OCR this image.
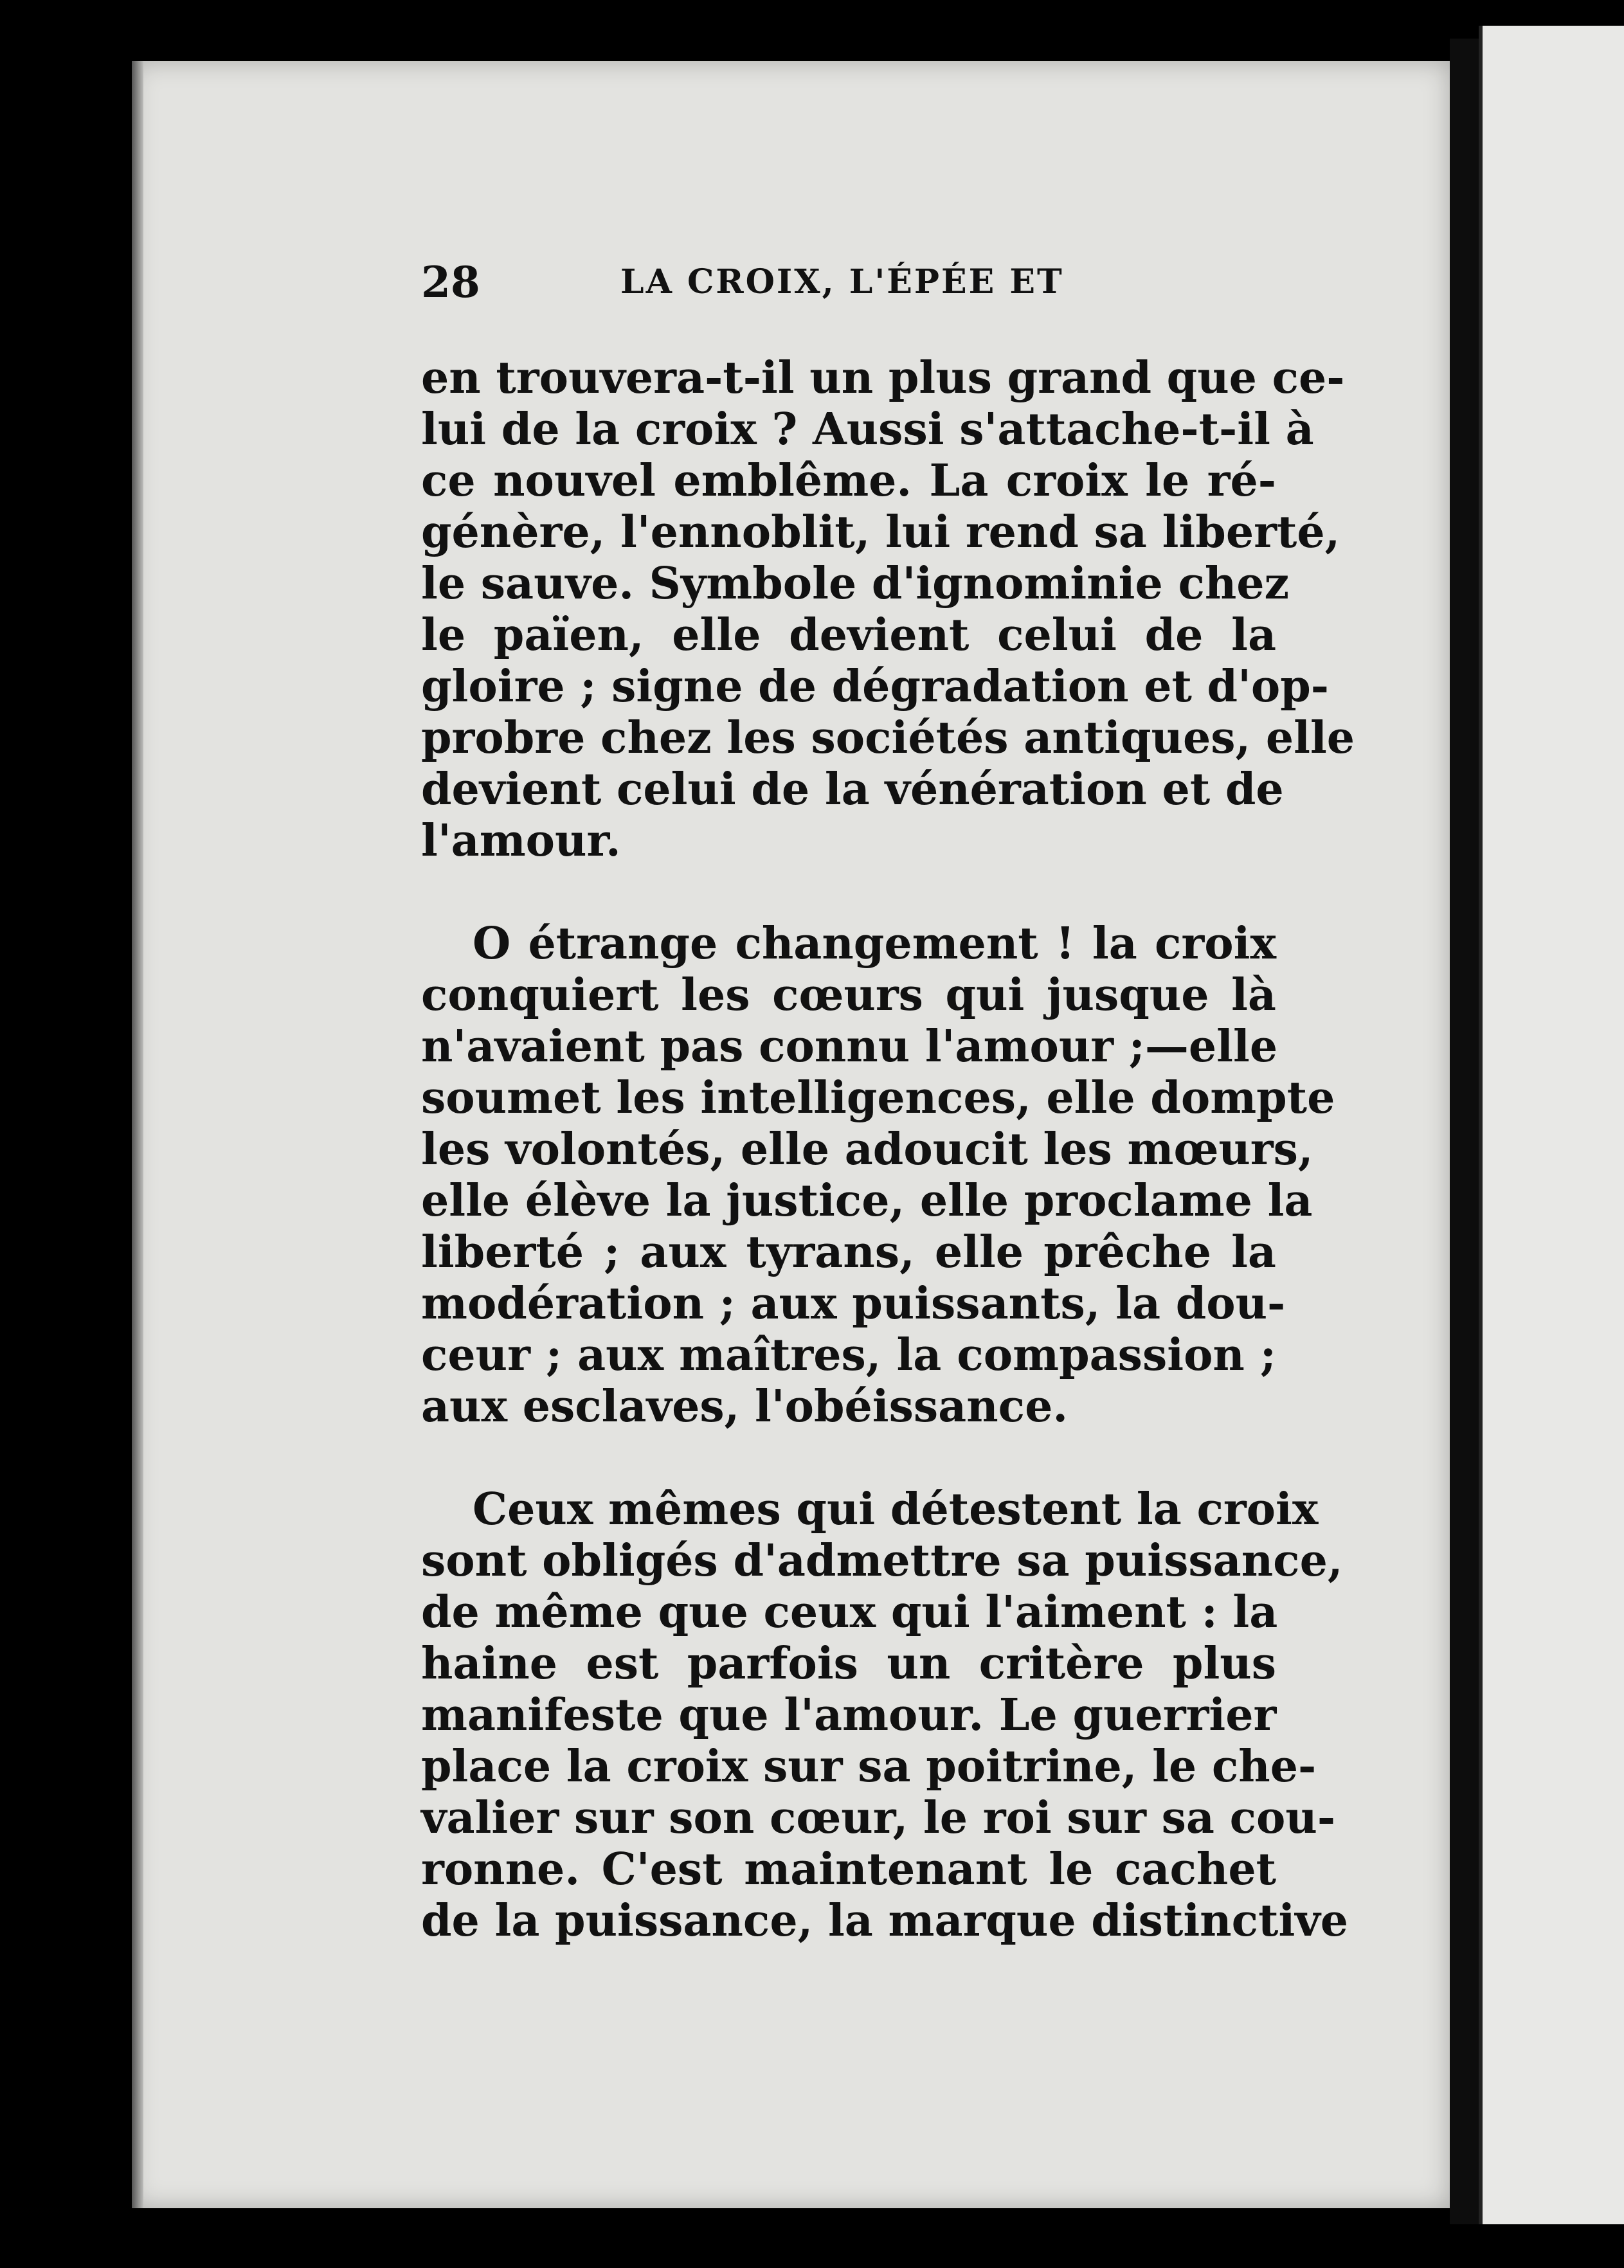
28	LA CROIX, L'ÉPÉE ET
en trouvera-t-il un plus grand que ce-
lui de la croix ? Aussi s'attache-t-il à
ce nouvel emblême. La croix le ré-
génère, l'ennoblit, lui rend sa liberté,
le sauve. Symbole d'ignominie chez
le païen, elle devient celui de la
gloire ; signe de dégradation et d'op-
probre chez les sociétés antiques, elle
devient celui de la vénération et de
l'amour.
O étrange changement ! la croix
conquiert les cœurs qui jusque là
n'avaient pas connu l'amour ;—elle
soumet les intelligences, elle dompte
les volontés, elle adoucit les mœurs,
elle élève la justice, elle proclame la
liberté ; aux tyrans, elle prêche la
modération ; aux puissants, la dou-
ceur ; aux maîtres, la compassion ;
aux esclaves, l'obéissance.
Ceux mêmes qui détestent la croix
sont obligés d'admettre sa puissance,
de même que ceux qui l'aiment : la
haine est parfois un critère plus
manifeste que l'amour. Le guerrier
place la croix sur sa poitrine, le che-
valier sur son cœur, le roi sur sa cou-
ronne. C'est maintenant le cachet
de la puissance, la marque distinctive
